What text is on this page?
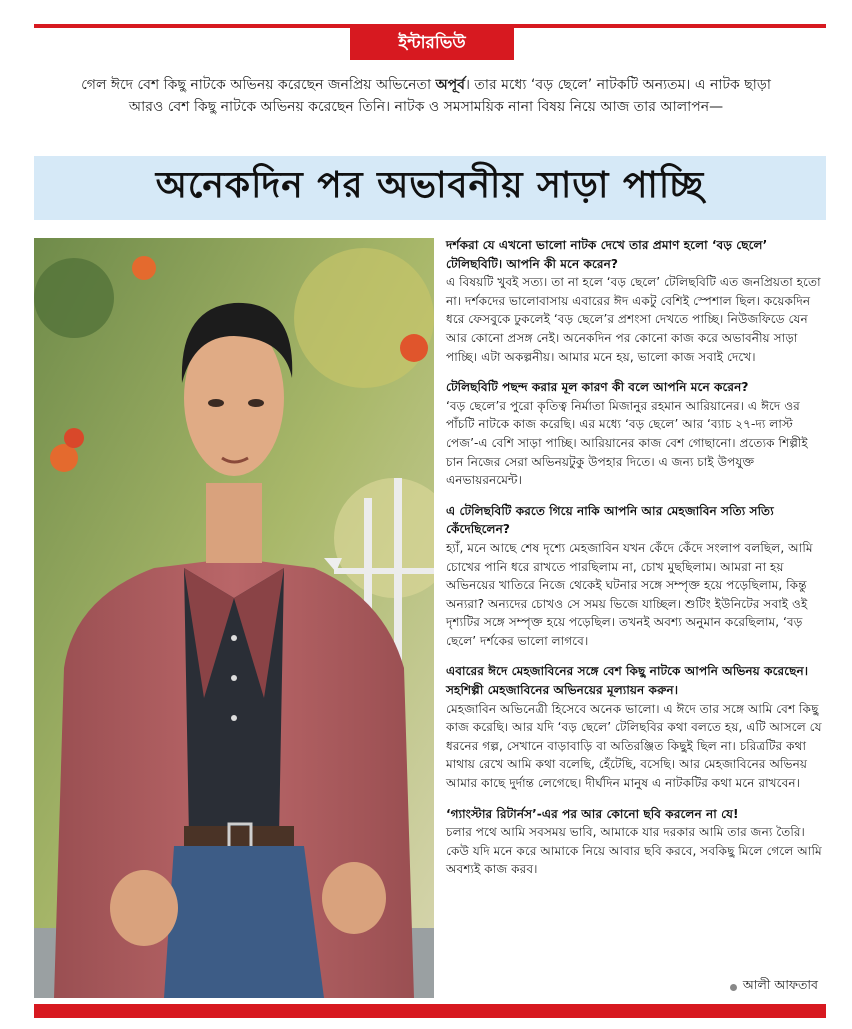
ইন্টারভিউ
গেল ঈদে বেশ কিছু নাটকে অভিনয় করেছেন জনপ্রিয় অভিনেতা অপূর্ব। তার মধ্যে ‘বড় ছেলে’ নাটকটি অন্যতম। এ নাটক ছাড়া আরও বেশ কিছু নাটকে অভিনয় করেছেন তিনি। নাটক ও সমসাময়িক নানা বিষয় নিয়ে আজ তার আলাপন—
অনেকদিন পর অভাবনীয় সাড়া পাচ্ছি
দর্শকরা যে এখনো ভালো নাটক দেখে তার প্রমাণ হলো ‘বড় ছেলে’ টেলিছবিটি। আপনি কী মনে করেন?
এ বিষয়টি খুবই সত্য। তা না হলে ‘বড় ছেলে’ টেলিছবিটি এত জনপ্রিয়তা হতো না। দর্শকদের ভালোবাসায় এবারের ঈদ একটু বেশিই স্পেশাল ছিল। কয়েকদিন ধরে ফেসবুকে ঢুকলেই ‘বড় ছেলে’র প্রশংসা দেখতে পাচ্ছি। নিউজফিডে যেন আর কোনো প্রসঙ্গ নেই। অনেকদিন পর কোনো কাজ করে অভাবনীয় সাড়া পাচ্ছি। এটা অকল্পনীয়। আমার মনে হয়, ভালো কাজ সবাই দেখে।
টেলিছবিটি পছন্দ করার মূল কারণ কী বলে আপনি মনে করেন?
‘বড় ছেলে’র পুরো কৃতিত্ব নির্মাতা মিজানুর রহমান আরিয়ানের। এ ঈদে ওর পাঁচটি নাটকে কাজ করেছি। এর মধ্যে ‘বড় ছেলে’ আর ‘ব্যাচ ২৭-দ্য লাস্ট পেজ’-এ বেশি সাড়া পাচ্ছি। আরিয়ানের কাজ বেশ গোছানো। প্রত্যেক শিল্পীই চান নিজের সেরা অভিনয়টুকু উপহার দিতে। এ জন্য চাই উপযুক্ত এনভায়রনমেন্ট।
এ টেলিছবিটি করতে গিয়ে নাকি আপনি আর মেহজাবিন সত্যি সত্যি কেঁদেছিলেন?
হ্যাঁ, মনে আছে শেষ দৃশ্যে মেহজাবিন যখন কেঁদে কেঁদে সংলাপ বলছিল, আমি চোখের পানি ধরে রাখতে পারছিলাম না, চোখ মুছছিলাম। আমরা না হয় অভিনয়ের খাতিরে নিজে থেকেই ঘটনার সঙ্গে সম্পৃক্ত হয়ে পড়েছিলাম, কিন্তু অন্যরা? অন্যদের চোখও সে সময় ভিজে যাচ্ছিল। শুটিং ইউনিটের সবাই ওই দৃশ্যটির সঙ্গে সম্পৃক্ত হয়ে পড়েছিল। তখনই অবশ্য অনুমান করেছিলাম, ‘বড় ছেলে’ দর্শকের ভালো লাগবে।
এবারের ঈদে মেহজাবিনের সঙ্গে বেশ কিছু নাটকে আপনি অভিনয় করেছেন। সহশিল্পী মেহজাবিনের অভিনয়ের মূল্যায়ন করুন।
মেহজাবিন অভিনেত্রী হিসেবে অনেক ভালো। এ ঈদে তার সঙ্গে আমি বেশ কিছু কাজ করেছি। আর যদি ‘বড় ছেলে’ টেলিছবির কথা বলতে হয়, এটি আসলে যে ধরনের গল্প, সেখানে বাড়াবাড়ি বা অতিরঞ্জিত কিছুই ছিল না। চরিত্রটির কথা মাথায় রেখে আমি কথা বলেছি, হেঁটেছি, বসেছি। আর মেহজাবিনের অভিনয় আমার কাছে দুর্দান্ত লেগেছে। দীর্ঘদিন মানুষ এ নাটকটির কথা মনে রাখবেন।
‘গ্যাংস্টার রিটার্নস’-এর পর আর কোনো ছবি করলেন না যে!
চলার পথে আমি সবসময় ভাবি, আমাকে যার দরকার আমি তার জন্য তৈরি। কেউ যদি মনে করে আমাকে নিয়ে আবার ছবি করবে, সবকিছু মিলে গেলে আমি অবশ্যই কাজ করব।
আলী আফতাব
